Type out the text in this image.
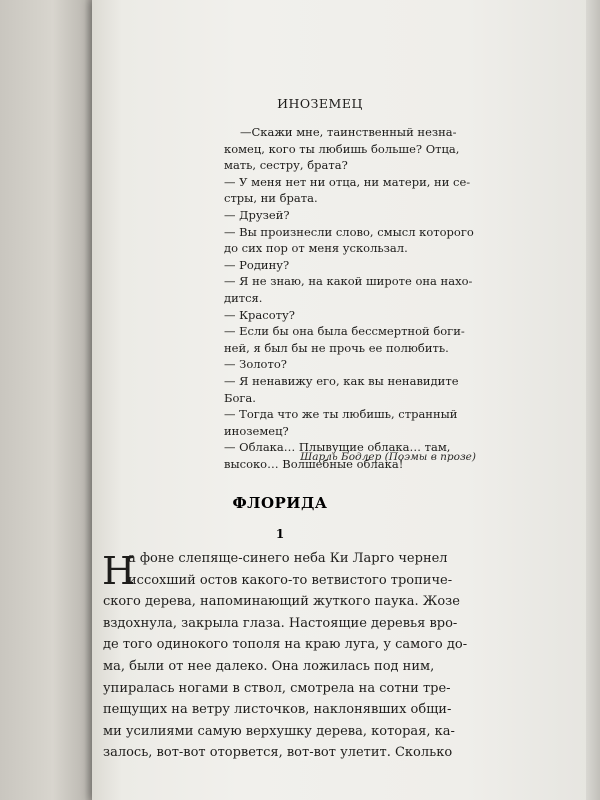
ИНОЗЕМЕЦ
—Скажи мне, таинственный незна-
комец, кого ты любишь больше? Отца,
мать, сестру, брата?
— У меня нет ни отца, ни матери, ни се-
стры, ни брата.
— Друзей?
— Вы произнесли слово, смысл которого
до сих пор от меня ускользал.
— Родину?
— Я не знаю, на какой широте она нахо-
дится.
— Красоту?
— Если бы она была бессмертной боги-
ней, я был бы не прочь ее полюбить.
— Золото?
— Я ненавижу его, как вы ненавидите
Бога.
— Тогда что же ты любишь, странный
иноземец?
— Облака… Плывущие облака… там,
высоко… Волшебные облака!
Шарль Бодлер (Поэмы в прозе)
ФЛОРИДА
1
Н
а фоне слепяще-синего неба Ки Ларго чернел
иссохший остов какого-то ветвистого тропиче-
ского дерева, напоминающий жуткого паука. Жозе
вздохнула, закрыла глаза. Настоящие деревья вро-
де того одинокого тополя на краю луга, у самого до-
ма, были от нее далеко. Она ложилась под ним,
упиралась ногами в ствол, смотрела на сотни тре-
пещущих на ветру листочков, наклонявших общи-
ми усилиями самую верхушку дерева, которая, ка-
залось, вот-вот оторвется, вот-вот улетит. Сколько
